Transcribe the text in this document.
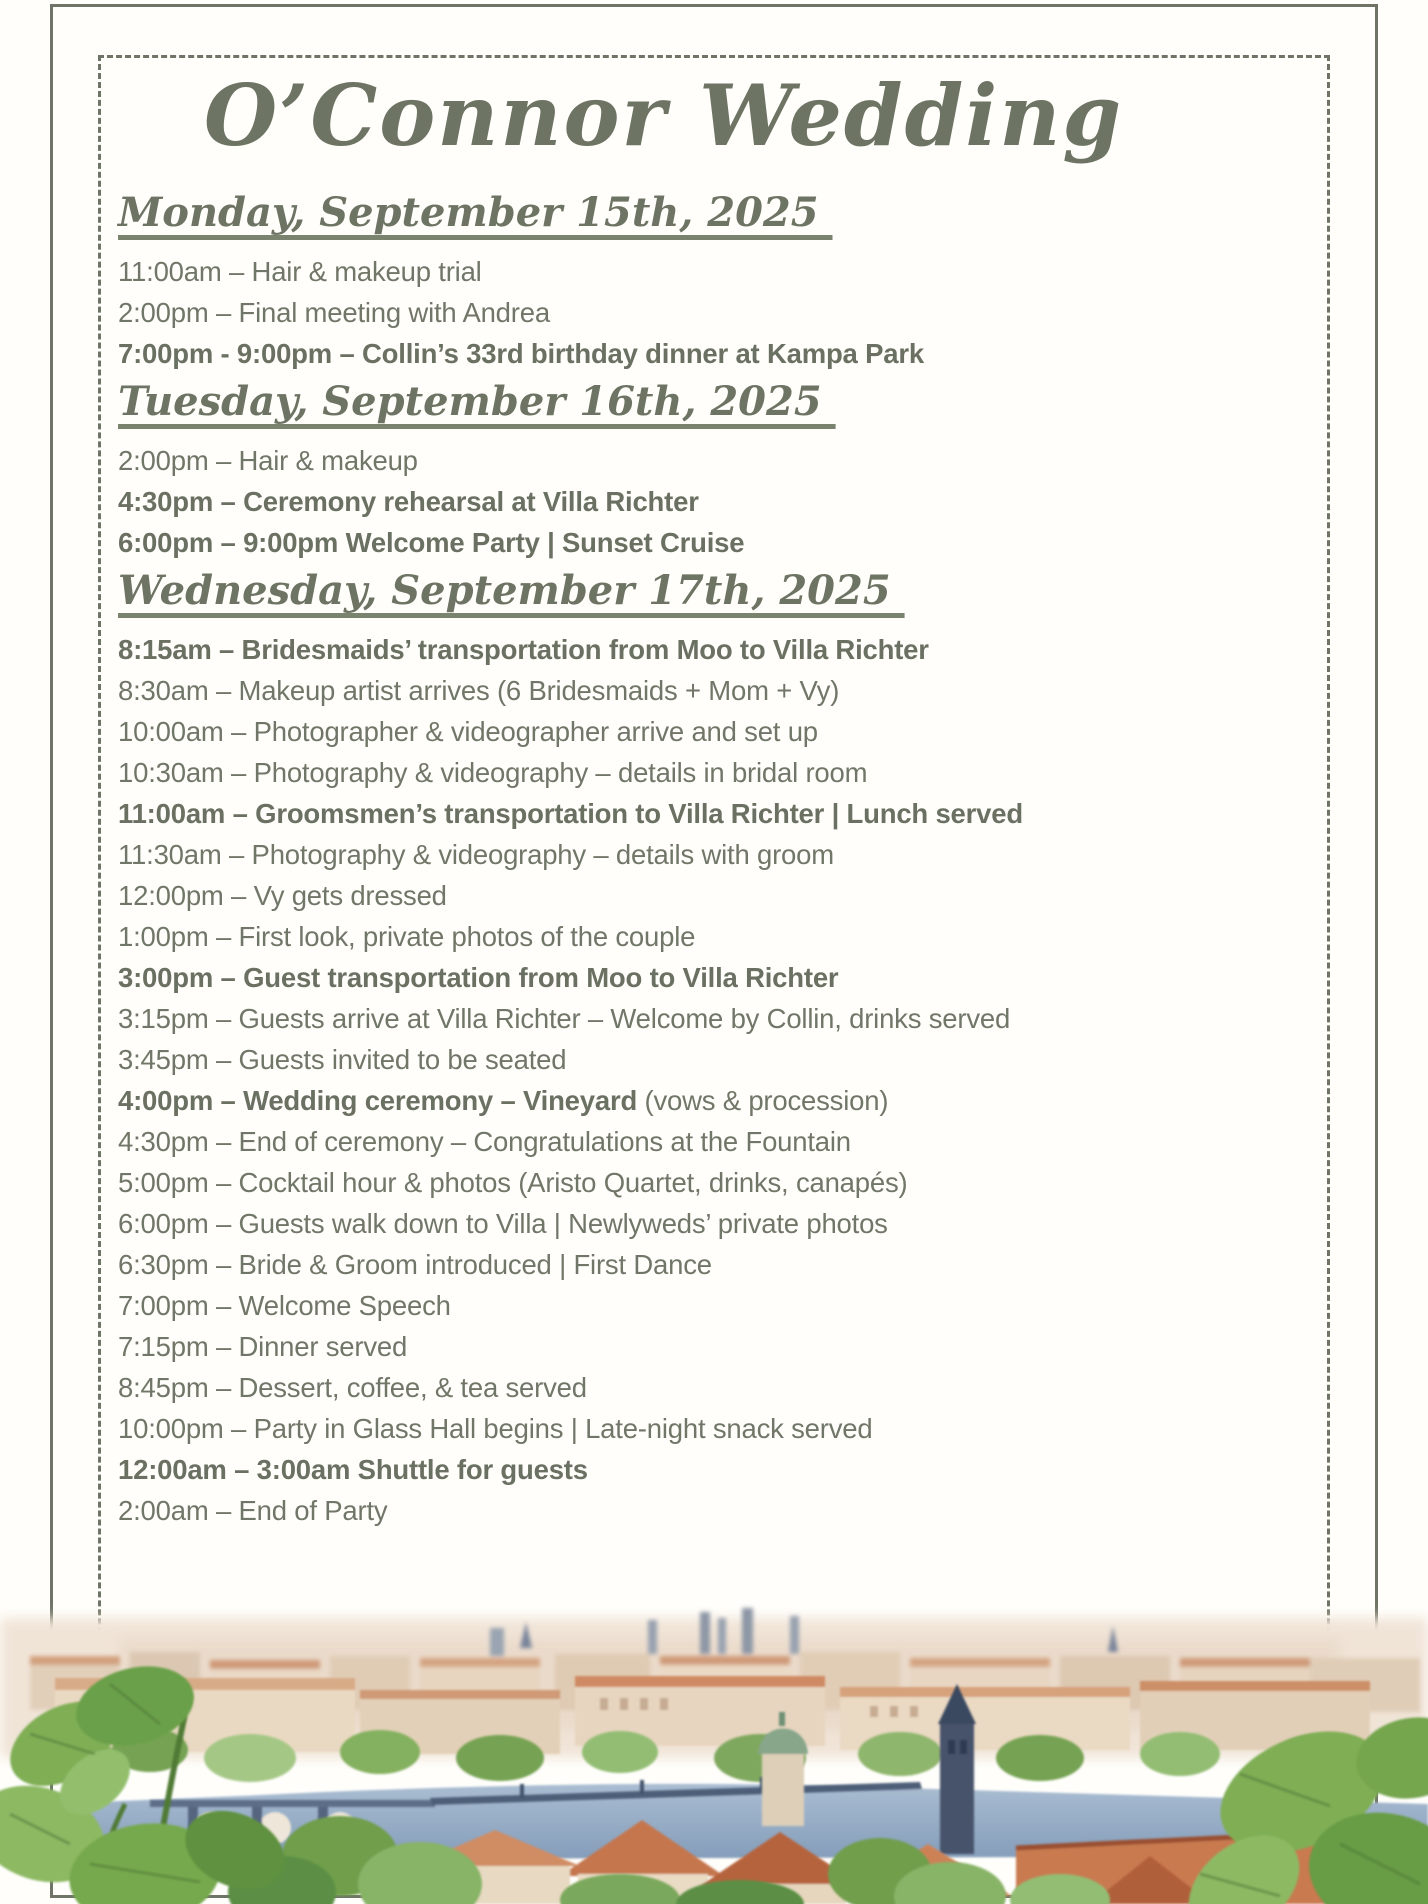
O’Connor Wedding
Monday, September 15th, 2025
11:00am – Hair & makeup trial
2:00pm – Final meeting with Andrea
7:00pm - 9:00pm – Collin’s 33rd birthday dinner at Kampa Park
Tuesday, September 16th, 2025
2:00pm – Hair & makeup
4:30pm – Ceremony rehearsal at Villa Richter
6:00pm – 9:00pm Welcome Party | Sunset Cruise
Wednesday, September 17th, 2025
8:15am – Bridesmaids’ transportation from Moo to Villa Richter
8:30am – Makeup artist arrives (6 Bridesmaids + Mom + Vy)
10:00am – Photographer & videographer arrive and set up
10:30am – Photography & videography – details in bridal room
11:00am – Groomsmen’s transportation to Villa Richter | Lunch served
11:30am – Photography & videography – details with groom
12:00pm – Vy gets dressed
1:00pm – First look, private photos of the couple
3:00pm – Guest transportation from Moo to Villa Richter
3:15pm – Guests arrive at Villa Richter – Welcome by Collin, drinks served
3:45pm – Guests invited to be seated
4:00pm – Wedding ceremony – Vineyard (vows & procession)
4:30pm – End of ceremony – Congratulations at the Fountain
5:00pm – Cocktail hour & photos (Aristo Quartet, drinks, canapés)
6:00pm – Guests walk down to Villa | Newlyweds’ private photos
6:30pm – Bride & Groom introduced | First Dance
7:00pm – Welcome Speech
7:15pm – Dinner served
8:45pm – Dessert, coffee, & tea served
10:00pm – Party in Glass Hall begins | Late-night snack served
12:00am – 3:00am Shuttle for guests
2:00am – End of Party
